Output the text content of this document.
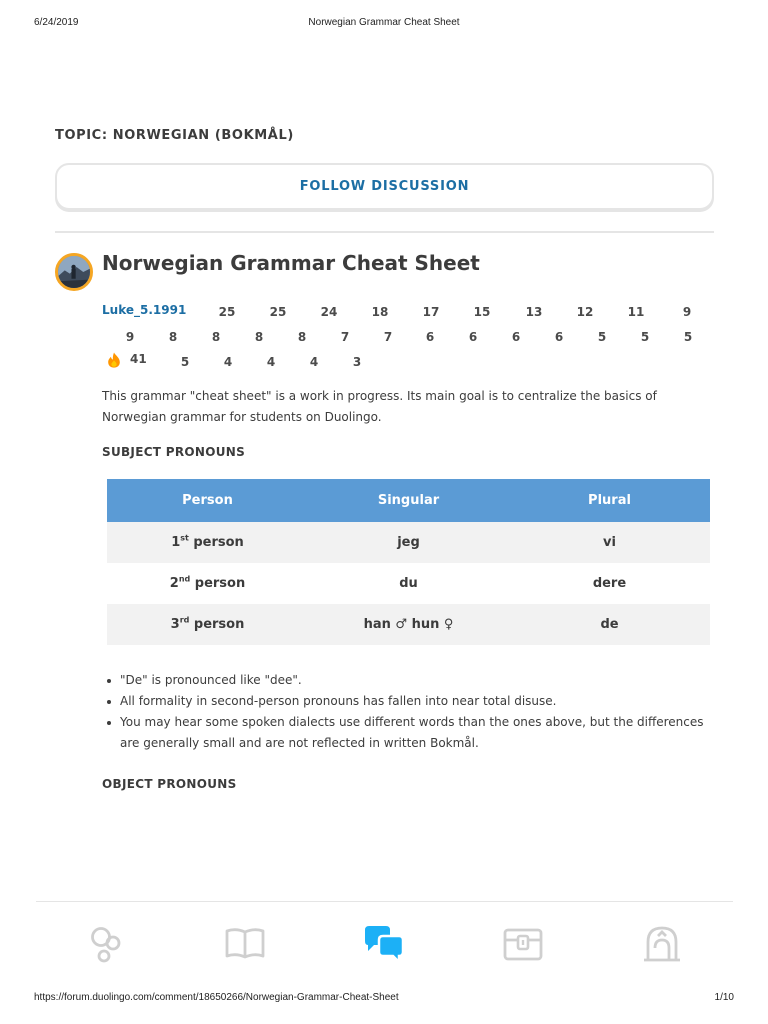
6/24/2019	Norwegian Grammar Cheat Sheet
TOPIC: NORWEGIAN (BOKMÅL)
FOLLOW DISCUSSION
Norwegian Grammar Cheat Sheet
Luke_5.1991	25	25	24	18	17	15	13	12	11	9
9	8	8	8	8	7	7	6	6	6	6	5	5	5
5	4	4	4	3
41

This grammar "cheat sheet" is a work in progress. Its main goal is to centralize the basics of Norwegian grammar for students on Duolingo.

SUBJECT PRONOUNS
Person	Singular	Plural
1st person	jeg	vi
2nd person	du	dere
3rd person	han ♂ hun ♀	de
"De" is pronounced like "dee".
All formality in second-person pronouns has fallen into near total disuse.
You may hear some spoken dialects use different words than the ones above, but the differences are generally small and are not reflected in written Bokmål.
OBJECT PRONOUNS
https://forum.duolingo.com/comment/18650266/Norwegian-Grammar-Cheat-Sheet	1/10
